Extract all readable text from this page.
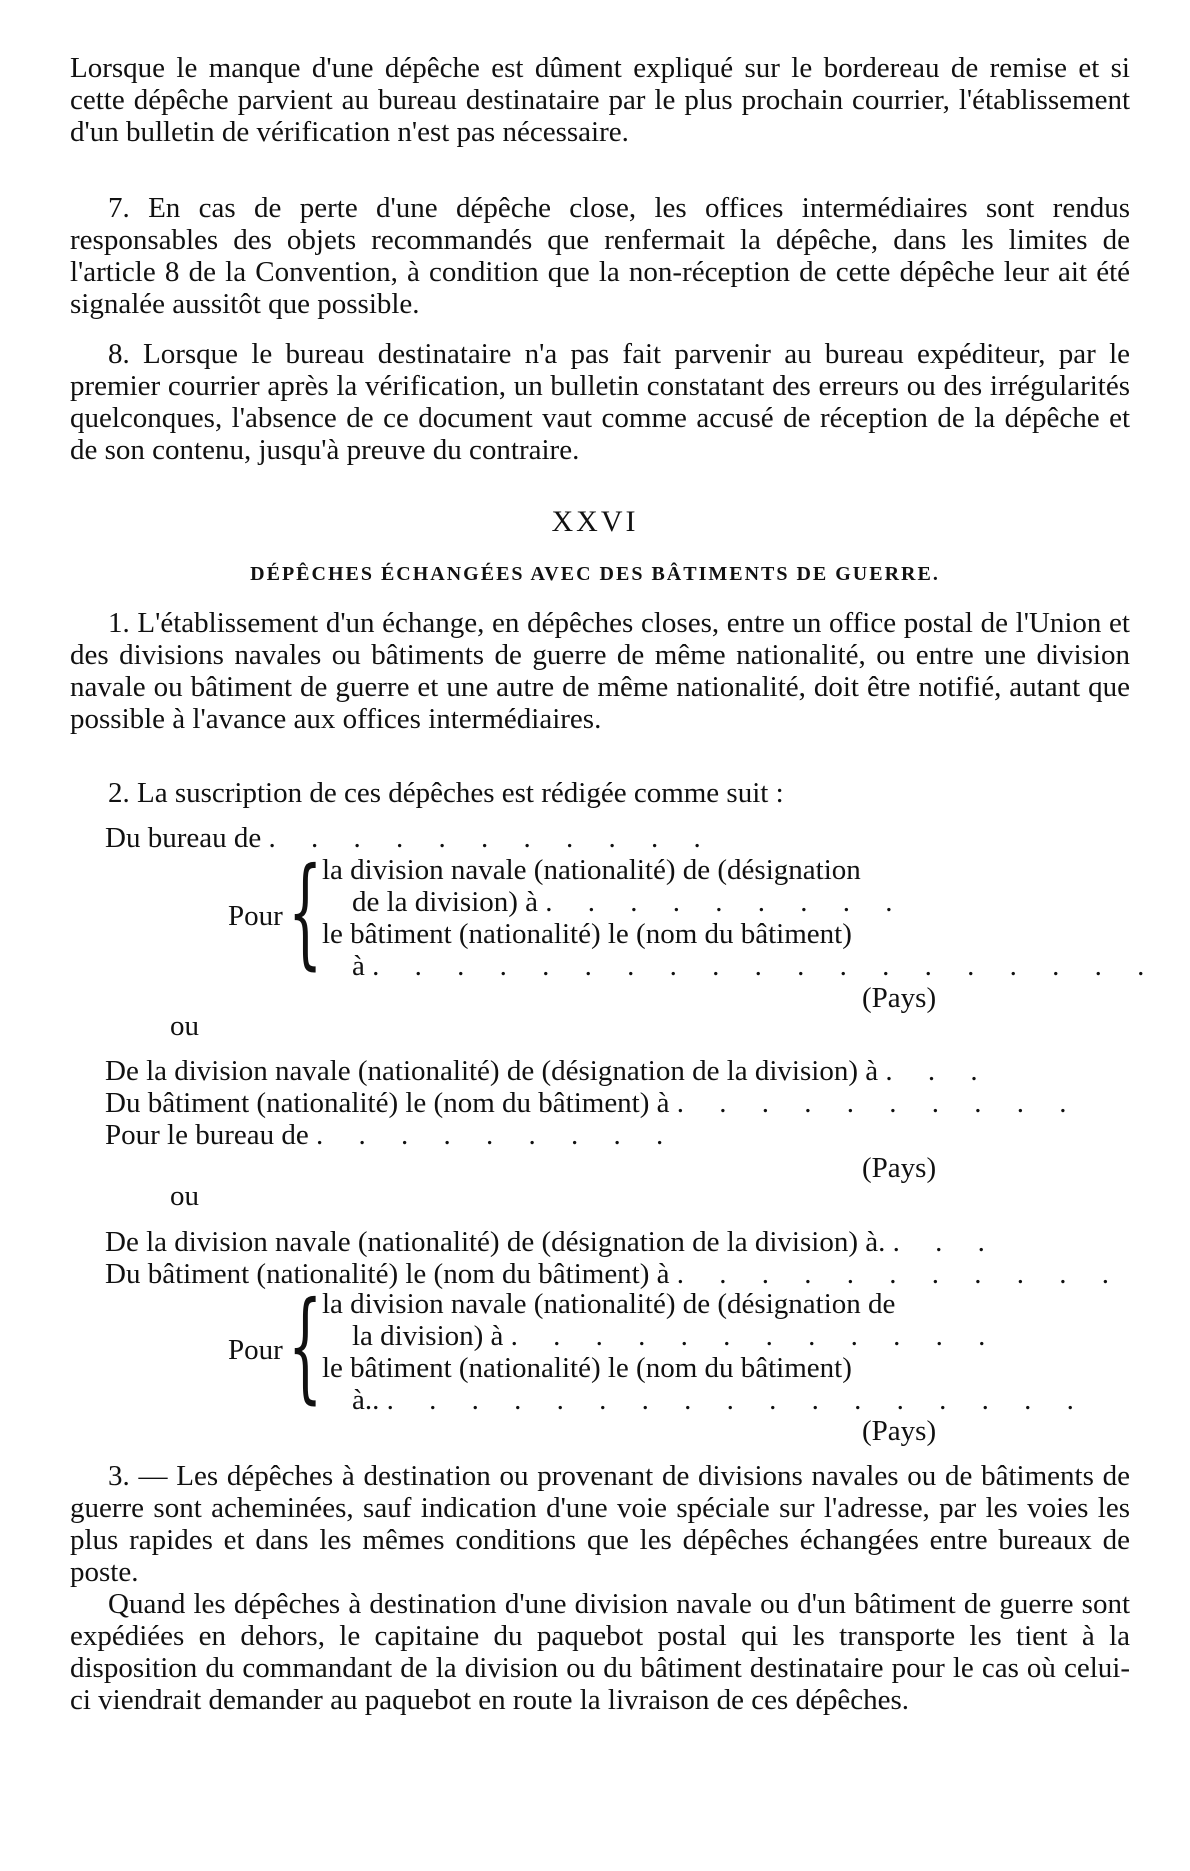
Lorsque le manque d'une dépêche est dûment expliqué sur le bordereau de remise et si cette dépêche parvient au bureau destinataire par le plus prochain courrier, l'établissement d'un bulletin de vérification n'est pas nécessaire.

7. En cas de perte d'une dépêche close, les offices intermédiaires sont rendus responsables des objets recommandés que renfermait la dépêche, dans les limites de l'article 8 de la Convention, à condition que la non-réception de cette dépêche leur ait été signalée aussitôt que possible.

8. Lorsque le bureau destinataire n'a pas fait parvenir au bureau expéditeur, par le premier courrier après la vérification, un bulletin constatant des erreurs ou des irrégularités quelconques, l'absence de ce document vaut comme accusé de réception de la dépêche et de son contenu, jusqu'à preuve du contraire.

XXVI
DÉPÊCHES ÉCHANGÉES AVEC DES BÂTIMENTS DE GUERRE.

1. L'établissement d'un échange, en dépêches closes, entre un office postal de l'Union et des divisions navales ou bâtiments de guerre de même nationalité, ou entre une division navale ou bâtiment de guerre et une autre de même nationalité, doit être notifié, autant que possible à l'avance aux offices intermédiaires.

2. La suscription de ces dépêches est rédigée comme suit :

Du bureau de . . . . . . . . . . .
Pour { la division navale (nationalité) de (désignation
de la division) à . . . . . . . . .
le bâtiment (nationalité) le (nom du bâtiment)
à . . . . . . . . . . . . . . . . . . .
(Pays)
ou
De la division navale (nationalité) de (désignation de la division) à . . .
Du bâtiment (nationalité) le (nom du bâtiment) à . . . . . . . . . .
Pour le bureau de . . . . . . . . .
(Pays)
ou
De la division navale (nationalité) de (désignation de la division) à. . . .
Du bâtiment (nationalité) le (nom du bâtiment) à . . . . . . . . . . .
Pour { la division navale (nationalité) de (désignation de
la division) à . . . . . . . . . . . .
le bâtiment (nationalité) le (nom du bâtiment)
à.. . . . . . . . . . . . . . . . . .
(Pays)

3. — Les dépêches à destination ou provenant de divisions navales ou de bâtiments de guerre sont acheminées, sauf indication d'une voie spéciale sur l'adresse, par les voies les plus rapides et dans les mêmes conditions que les dépêches échangées entre bureaux de poste.

Quand les dépêches à destination d'une division navale ou d'un bâtiment de guerre sont expédiées en dehors, le capitaine du paquebot postal qui les transporte les tient à la disposition du commandant de la division ou du bâtiment destinataire pour le cas où celui-ci viendrait demander au paquebot en route la livraison de ces dépêches.
